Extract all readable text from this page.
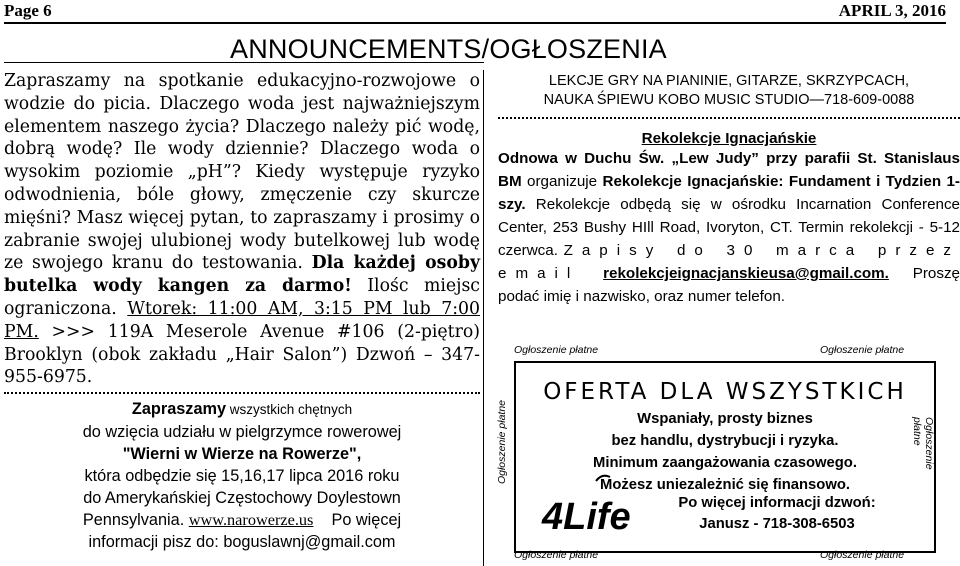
Page 6	APRIL 3, 2016
ANNOUNCEMENTS/OGŁOSZENIA

Zapraszamy na spotkanie edukacyjno-rozwojowe o wodzie do picia. Dlaczego woda jest najważniejszym elementem naszego życia? Dlaczego należy pić wodę, dobrą wodę? Ile wody dziennie? Dlaczego woda o wysokim poziomie „pH”? Kiedy występuje ryzyko odwodnienia, bóle głowy, zmęczenie czy skurcze mięśni? Masz więcej pytan, to zapraszamy i prosimy o zabranie swojej ulubionej wody butelkowej lub wodę ze swojego kranu do testowania. Dla każdej osoby butelka wody kangen za darmo! Ilośc miejsc ograniczona. Wtorek: 11:00 AM, 3:15 PM lub 7:00 PM. >>> 119A Meserole Avenue #106 (2-piętro) Brooklyn (obok zakładu „Hair Salon”) Dzwoń – 347-955-6975.

Zapraszamy wszystkich chętnych

do wzięcia udziału w pielgrzymce rowerowej

"Wierni w Wierze na Rowerze",

która odbędzie się 15,16,17 lipca 2016 roku

do Amerykańskiej Częstochowy Doylestown

Pennsylvania. www.narowerze.us    Po więcej

informacji pisz do: boguslawnj@gmail.com

LEKCJE GRY NA PIANINIE, GITARZE, SKRZYPCACH,
NAUKA ŚPIEWU KOBO MUSIC STUDIO—718-609-0088
Rekolekcje Ignacjańskie
Odnowa w Duchu Św. „Lew Judy” przy parafii St. Stanislaus BM organizuje Rekolekcje Ignacjańskie: Fundament i Tydzien 1-szy. Rekolekcje odbędą się w ośrodku Incarnation Conference Center, 253 Bushy HIll Road, Ivoryton, CT. Termin rekolekcji - 5-12 czerwca. Zapisy do 30 marca przez email rekolekcjeignacjanskieusa@gmail.com. Proszę podać imię i nazwisko, oraz numer telefon.
Ogłoszenie płatne	Ogłoszenie płatne
Ogłoszenie płatne	Ogłoszenie płatne
Ogłoszenie płatne	Ogłoszenie płatne
OFERTA DLA WSZYSTKICH
Wspaniały, prosty biznes
bez handlu, dystrybucji i ryzyka.
Minimum zaangażowania czasowego.
Możesz uniezależnić się finansowo.
4Life	Po więcej informacji dzwoń:
Janusz - 718-308-6503
